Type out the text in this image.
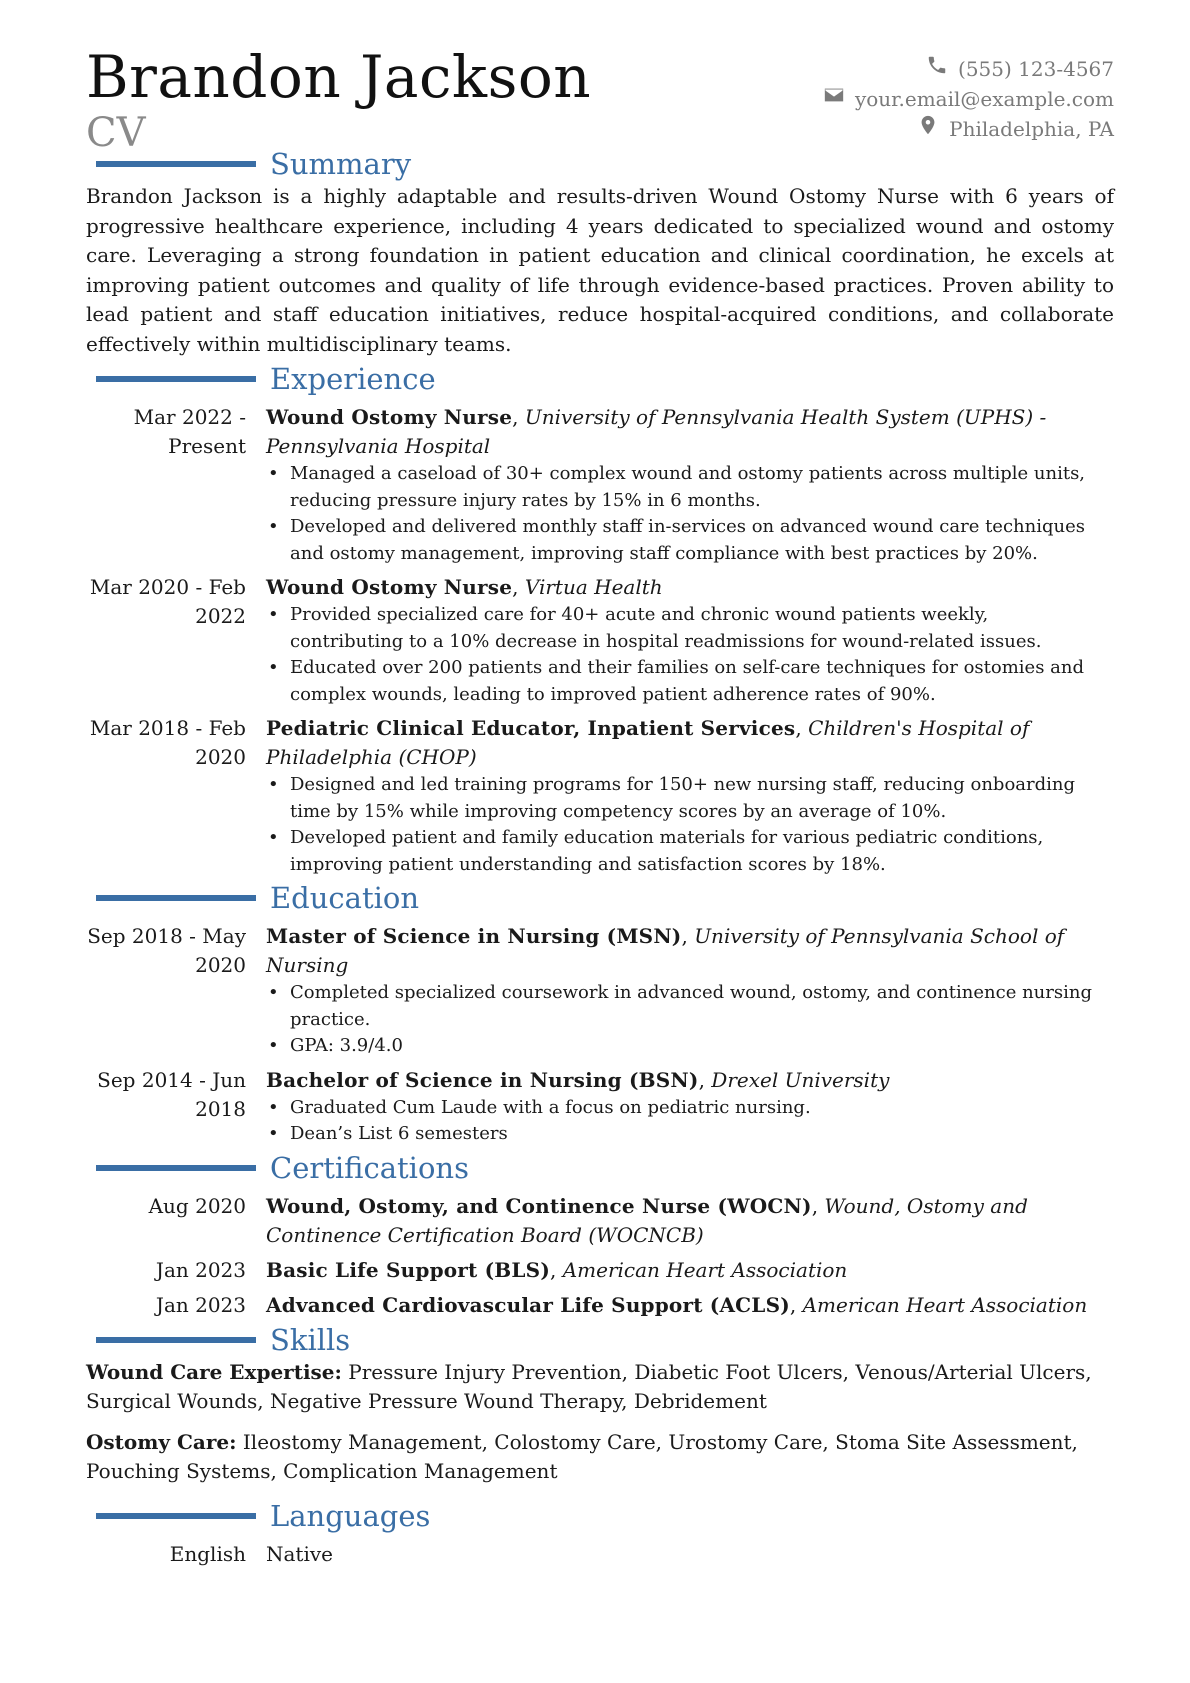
Brandon Jackson
CV
(555) 123-4567
your.email@example.com
Philadelphia, PA
Summary

Brandon Jackson is a highly adaptable and results-driven Wound Ostomy Nurse with 6 years of progressive healthcare experience, including 4 years dedicated to specialized wound and ostomy care. Leveraging a strong foundation in patient education and clinical coordination, he excels at improving patient outcomes and quality of life through evidence-based practices. Proven ability to lead patient and staff education initiatives, reduce hospital-acquired conditions, and collaborate effectively within multidisciplinary teams.

Experience
Mar 2022 - Present
Wound Ostomy Nurse, University of Pennsylvania Health System (UPHS) - Pennsylvania Hospital
• Managed a caseload of 30+ complex wound and ostomy patients across multiple units, reducing pressure injury rates by 15% in 6 months.
• Developed and delivered monthly staff in-services on advanced wound care techniques and ostomy management, improving staff compliance with best practices by 20%.
Mar 2020 - Feb 2022
Wound Ostomy Nurse, Virtua Health
• Provided specialized care for 40+ acute and chronic wound patients weekly, contributing to a 10% decrease in hospital readmissions for wound-related issues.
• Educated over 200 patients and their families on self-care techniques for ostomies and complex wounds, leading to improved patient adherence rates of 90%.
Mar 2018 - Feb 2020
Pediatric Clinical Educator, Inpatient Services, Children's Hospital of Philadelphia (CHOP)
• Designed and led training programs for 150+ new nursing staff, reducing onboarding time by 15% while improving competency scores by an average of 10%.
• Developed patient and family education materials for various pediatric conditions, improving patient understanding and satisfaction scores by 18%.
Education
Sep 2018 - May 2020
Master of Science in Nursing (MSN), University of Pennsylvania School of Nursing
• Completed specialized coursework in advanced wound, ostomy, and continence nursing practice.
• GPA: 3.9/4.0
Sep 2014 - Jun 2018
Bachelor of Science in Nursing (BSN), Drexel University
• Graduated Cum Laude with a focus on pediatric nursing.
• Dean’s List 6 semesters
Certifications
Aug 2020	Wound, Ostomy, and Continence Nurse (WOCN), Wound, Ostomy and Continence Certification Board (WOCNCB)
Jan 2023	Basic Life Support (BLS), American Heart Association
Jan 2023	Advanced Cardiovascular Life Support (ACLS), American Heart Association
Skills

Wound Care Expertise: Pressure Injury Prevention, Diabetic Foot Ulcers, Venous/Arterial Ulcers, Surgical Wounds, Negative Pressure Wound Therapy, Debridement

Ostomy Care: Ileostomy Management, Colostomy Care, Urostomy Care, Stoma Site Assessment, Pouching Systems, Complication Management

Languages
English	Native
